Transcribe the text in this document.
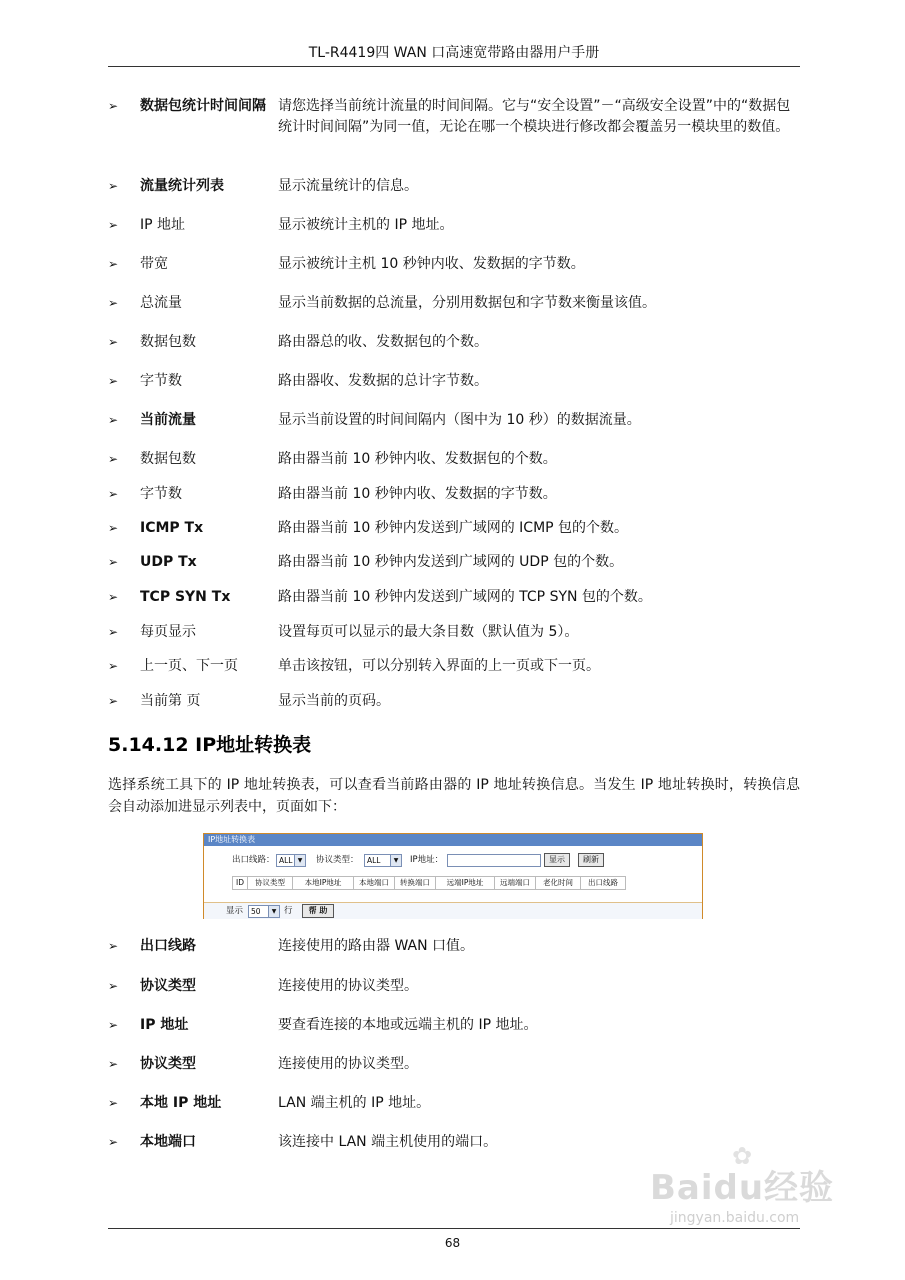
TL-R4419四 WAN 口高速宽带路由器用户手册
➢	数据包统计时间间隔 请您选择当前统计流量的时间间隔。它与“安全设置”－“高级安全设置”中的“数据包统计时间间隔”为同一值，无论在哪一个模块进行修改都会覆盖另一模块里的数值。
➢	流量统计列表	显示流量统计的信息。
➢	IP 地址	显示被统计主机的 IP 地址。
➢	带宽	显示被统计主机 10 秒钟内收、发数据的字节数。
➢	总流量	显示当前数据的总流量，分别用数据包和字节数来衡量该值。
➢	数据包数	路由器总的收、发数据包的个数。
➢	字节数	路由器收、发数据的总计字节数。
➢	当前流量	显示当前设置的时间间隔内（图中为 10 秒）的数据流量。
➢	数据包数	路由器当前 10 秒钟内收、发数据包的个数。
➢	字节数	路由器当前 10 秒钟内收、发数据的字节数。
➢	ICMP Tx	路由器当前 10 秒钟内发送到广域网的 ICMP 包的个数。
➢	UDP Tx	路由器当前 10 秒钟内发送到广域网的 UDP 包的个数。
➢	TCP SYN Tx	路由器当前 10 秒钟内发送到广域网的 TCP SYN 包的个数。
➢	每页显示	设置每页可以显示的最大条目数（默认值为 5）。
➢	上一页、下一页	单击该按钮，可以分别转入界面的上一页或下一页。
➢	当前第 页	显示当前的页码。
5.14.12 IP地址转换表
选择系统工具下的 IP 地址转换表，可以查看当前路由器的 IP 地址转换信息。当发生 IP 地址转换时，转换信息会自动添加进显示列表中，页面如下：
IP地址转换表
出口线路： ALL ▼	协议类型：	ALL	▼	IP地址：	显示	刷新
ID	协议类型	本地IP地址	本地端口	转换端口	远端IP地址	远端端口	老化时间	出口线路
显示	50	▼ 行	帮 助
➢	出口线路	连接使用的路由器 WAN 口值。
➢	协议类型	连接使用的协议类型。
➢	IP 地址	要查看连接的本地或远端主机的 IP 地址。
➢	协议类型	连接使用的协议类型。
➢	本地 IP 地址	LAN 端主机的 IP 地址。
➢	本地端口	该连接中 LAN 端主机使用的端口。
68
✿
Baidu经验
jingyan.baidu.com
